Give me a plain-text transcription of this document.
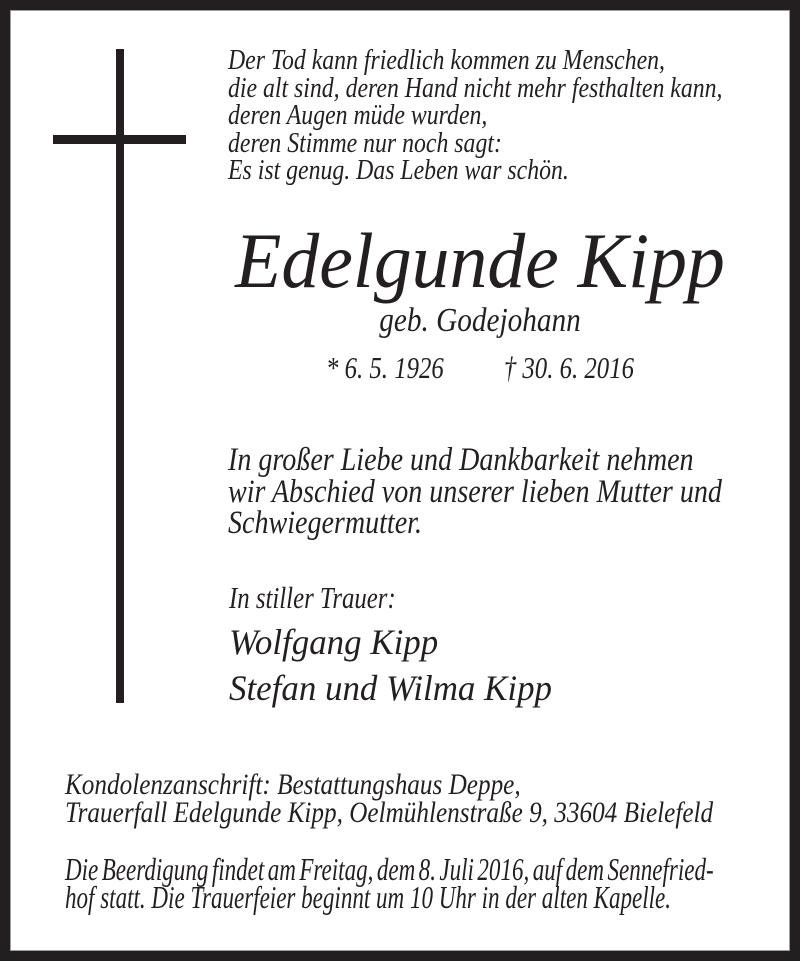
Der Tod kann friedlich kommen zu Menschen,
die alt sind, deren Hand nicht mehr festhalten kann,
deren Augen müde wurden,
deren Stimme nur noch sagt:
Es ist genug. Das Leben war schön.
Edelgunde Kipp
geb. Godejohann
* 6. 5. 1926 † 30. 6. 2016
In großer Liebe und Dankbarkeit nehmen
wir Abschied von unserer lieben Mutter und
Schwiegermutter.
In stiller Trauer:
Wolfgang Kipp
Stefan und Wilma Kipp
Kondolenzanschrift: Bestattungshaus Deppe,
Trauerfall Edelgunde Kipp, Oelmühlenstraße 9, 33604 Bielefeld
Die Beerdigung findet am Freitag, dem 8. Juli 2016, auf dem Sennefried-
hof statt. Die Trauerfeier beginnt um 10 Uhr in der alten Kapelle.
